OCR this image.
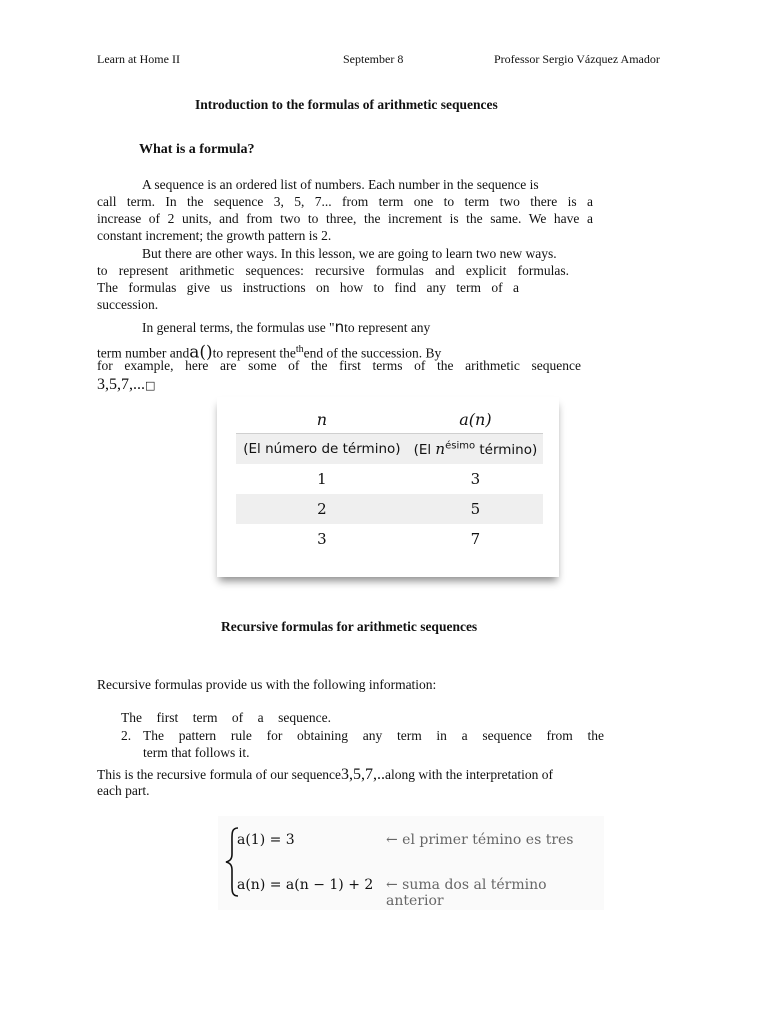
Learn at Home II	September 8	Professor Sergio Vázquez Amador
Introduction to the formulas of arithmetic sequences
What is a formula?
A sequence is an ordered list of numbers. Each number in the sequence is
call term. In the sequence 3, 5, 7... from term one to term two there is a
increase of 2 units, and from two to three, the increment is the same. We have a
constant increment; the growth pattern is 2.
But there are other ways. In this lesson, we are going to learn two new ways.
to represent arithmetic sequences: recursive formulas and explicit formulas.
The formulas give us instructions on how to find any term of a
succession.
In general terms, the formulas use "nto represent any
term number anda()to represent the$^{th}$end of the succession. By
for example, here are some of the first terms of the arithmetic sequence
3,5,7,...□
n	a(n)
(El número de término)	(El $n^{ésimo}$ término)
1	3
2	5
3	7
Recursive formulas for arithmetic sequences
Recursive formulas provide us with the following information:
The first term of a sequence.
2. The pattern rule for obtaining any term in a sequence from the
term that follows it.
This is the recursive formula of our sequence3,5,7,..along with the interpretation of
each part.
a(1) = 3	← el primer témino es tres
a(n) = a(n − 1) + 2 ← suma dos al término anterior
